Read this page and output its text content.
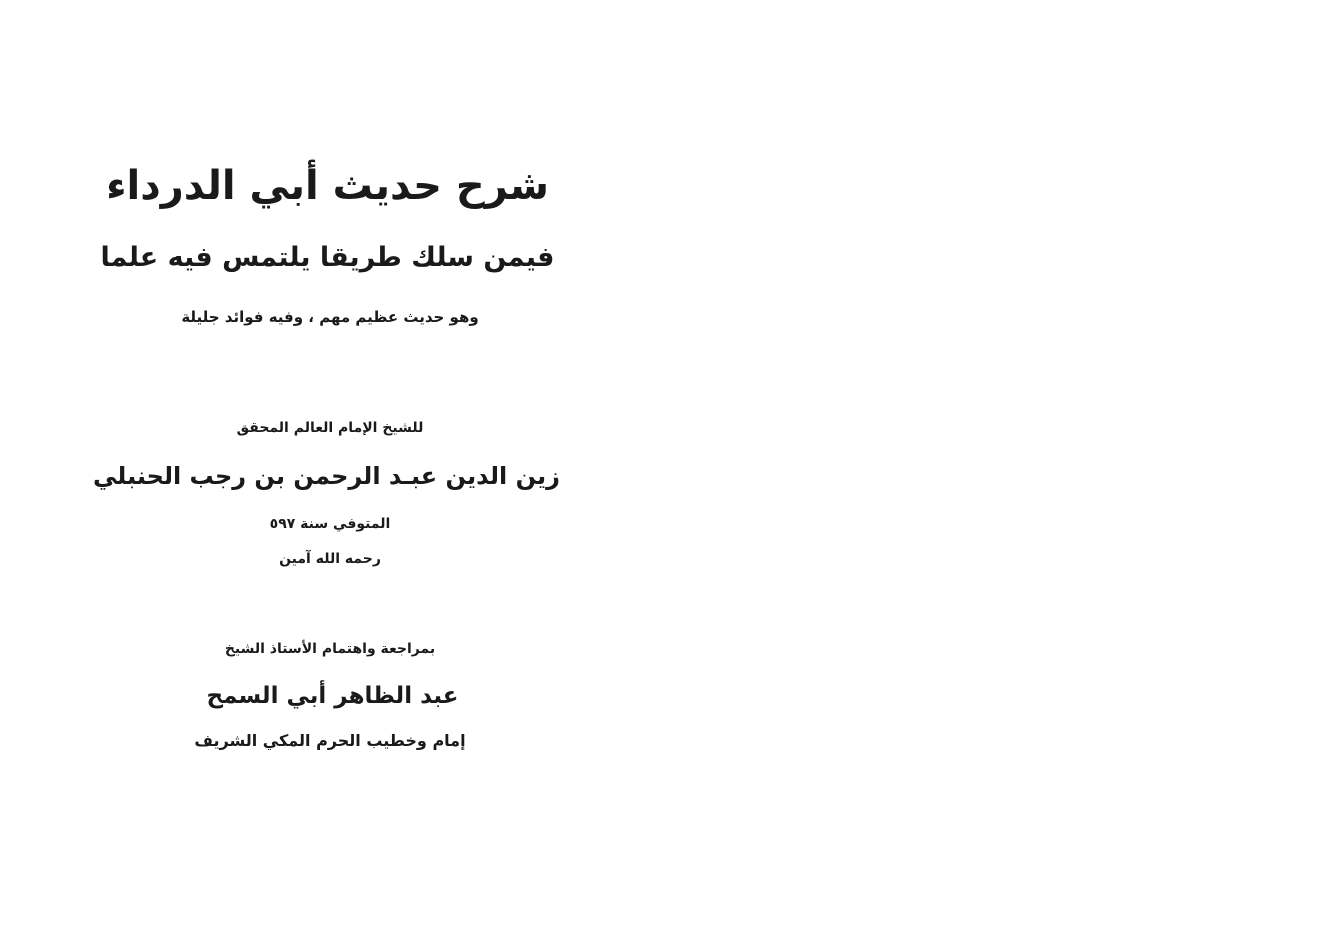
شرح حديث أبي الدرداء
فيمن سلك طريقا يلتمس فيه علما
وهو حديث عظيم مهم ، وفيه فوائد جليلة
للشيخ الإمام العالم المحقق
زين الدين عبـد الرحمن بن رجب الحنبلي
المتوفي سنة ٥٩٧
رحمه الله آمين
بمراجعة واهتمام الأستاذ الشيخ
عبد الظاهر أبي السمح
إمام وخطيب الحرم المكي الشريف
